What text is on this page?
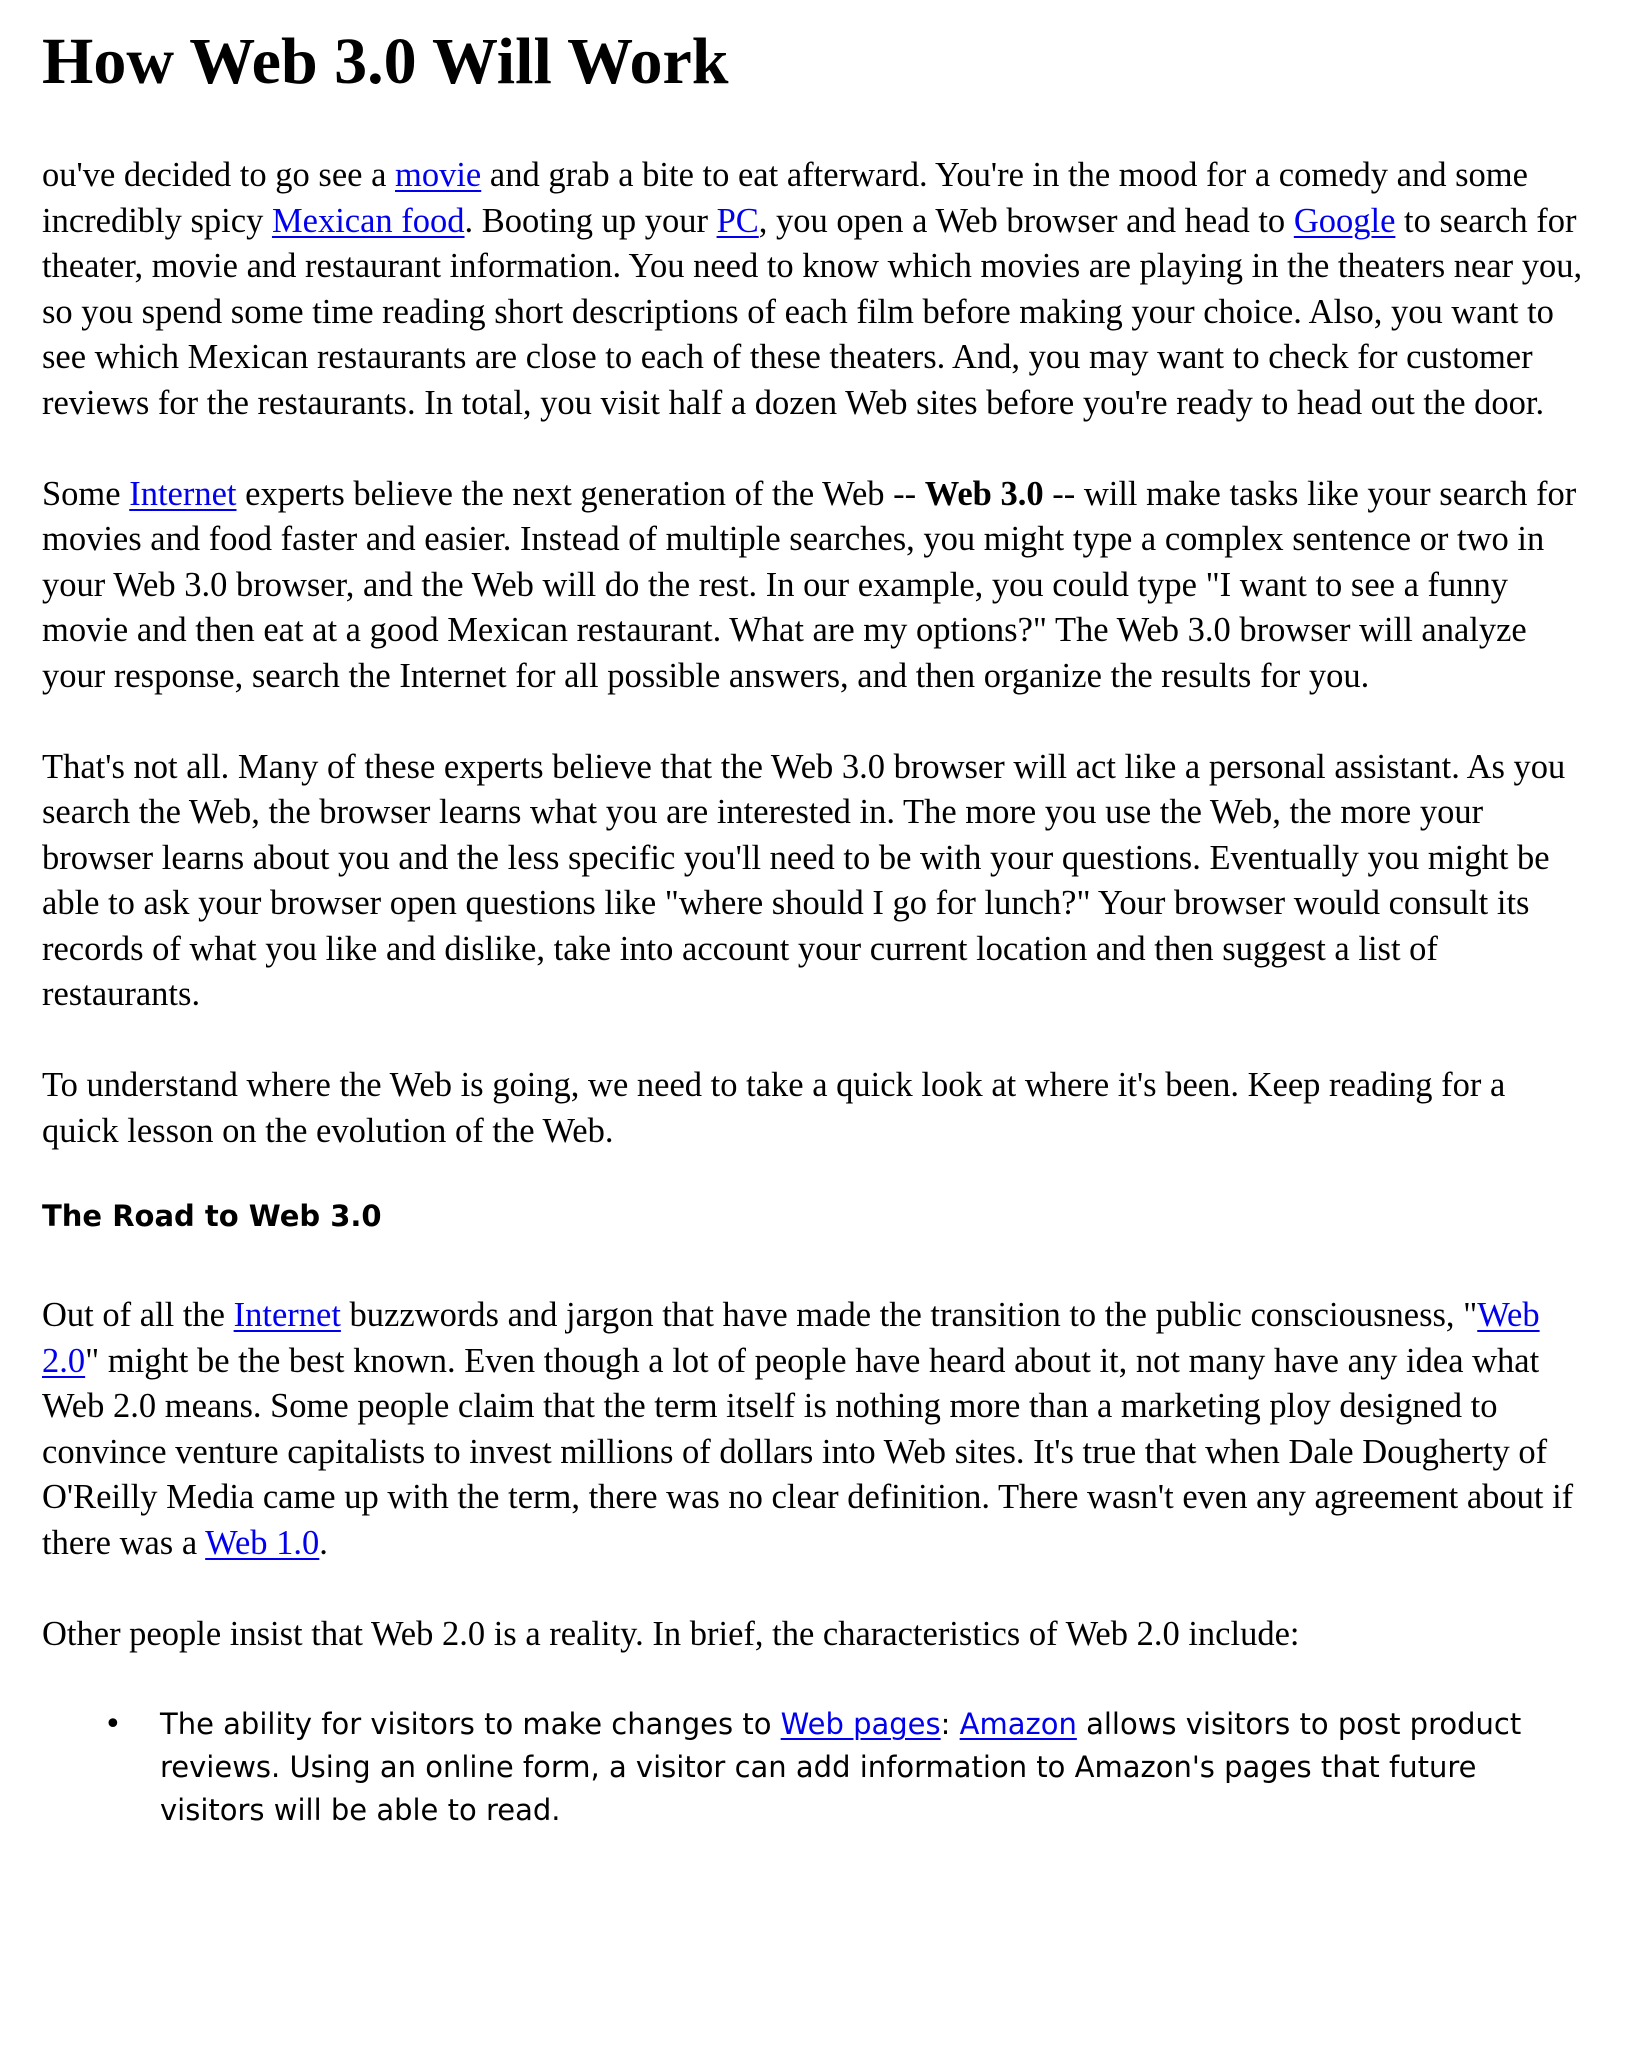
How Web 3.0 Will Work

ou've decided to go see a movie and grab a bite to eat afterward. You're in the mood for a comedy and some incredibly spicy Mexican food. Booting up your PC, you open a Web browser and head to Google to search for theater, movie and restaurant information. You need to know which movies are playing in the theaters near you, so you spend some time reading short descriptions of each film before making your choice. Also, you want to see which Mexican restaurants are close to each of these theaters. And, you may want to check for customer reviews for the restaurants. In total, you visit half a dozen Web sites before you're ready to head out the door.

Some Internet experts believe the next generation of the Web -- Web 3.0 -- will make tasks like your search for movies and food faster and easier. Instead of multiple searches, you might type a complex sentence or two in your Web 3.0 browser, and the Web will do the rest. In our example, you could type "I want to see a funny movie and then eat at a good Mexican restaurant. What are my options?" The Web 3.0 browser will analyze your response, search the Internet for all possible answers, and then organize the results for you.

That's not all. Many of these experts believe that the Web 3.0 browser will act like a personal assistant. As you search the Web, the browser learns what you are interested in. The more you use the Web, the more your browser learns about you and the less specific you'll need to be with your questions. Eventually you might be able to ask your browser open questions like "where should I go for lunch?" Your browser would consult its records of what you like and dislike, take into account your current location and then suggest a list of restaurants.

To understand where the Web is going, we need to take a quick look at where it's been. Keep reading for a quick lesson on the evolution of the Web.

The Road to Web 3.0

Out of all the Internet buzzwords and jargon that have made the transition to the public consciousness, "Web 2.0" might be the best known. Even though a lot of people have heard about it, not many have any idea what Web 2.0 means. Some people claim that the term itself is nothing more than a marketing ploy designed to convince venture capitalists to invest millions of dollars into Web sites. It's true that when Dale Dougherty of O'Reilly Media came up with the term, there was no clear definition. There wasn't even any agreement about if there was a Web 1.0.

Other people insist that Web 2.0 is a reality. In brief, the characteristics of Web 2.0 include:

• The ability for visitors to make changes to Web pages: Amazon allows visitors to post product reviews. Using an online form, a visitor can add information to Amazon's pages that future visitors will be able to read.
